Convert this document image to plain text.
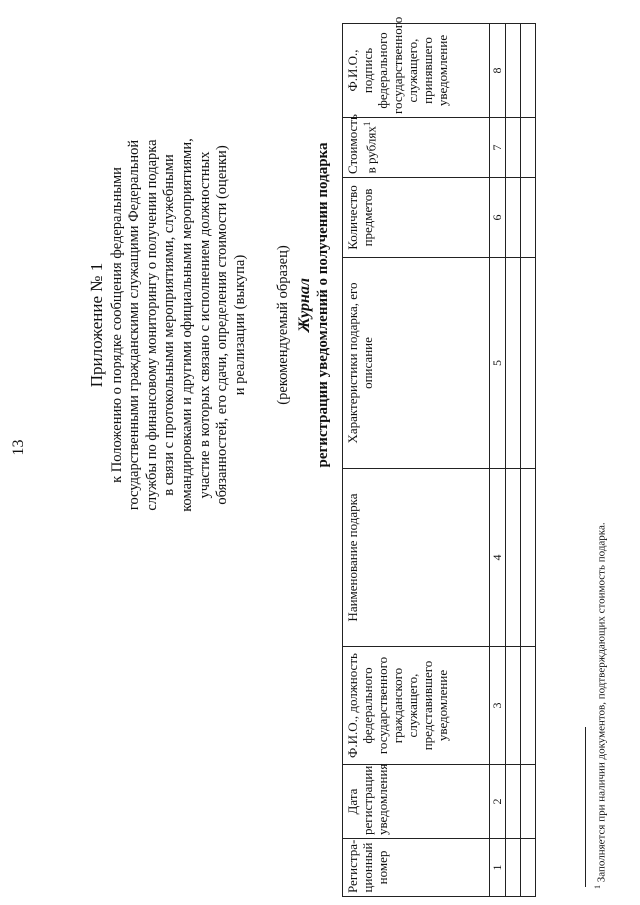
13
Приложение № 1 к Положению о порядке сообщения федеральными государственными гражданскими служащими Федеральной службы по финансовому мониторингу о получении подарка в связи с протокольными мероприятиями, служебными командировками и другими официальными мероприятиями, участие в которых связано с исполнением должностных обязанностей, его сдачи, определения стоимости (оценки) и реализации (выкупа) (рекомендуемый образец) Журнал регистрации уведомлений о получении подарка
Регистра-ционный номер	Дата регистрации уведомления	Ф.И.О., должность федерального государственного гражданского служащего, представившего уведомление	Наименование подарка	Характеристики подарка, его описание	Количество предметов	Стоимость в рублях$^1$	Ф.И.О., подпись федерального государственного служащего, принявшего уведомление
1	2	3	4	5	6	7	8

$^1$ Заполняется при наличии документов, подтверждающих стоимость подарка.
